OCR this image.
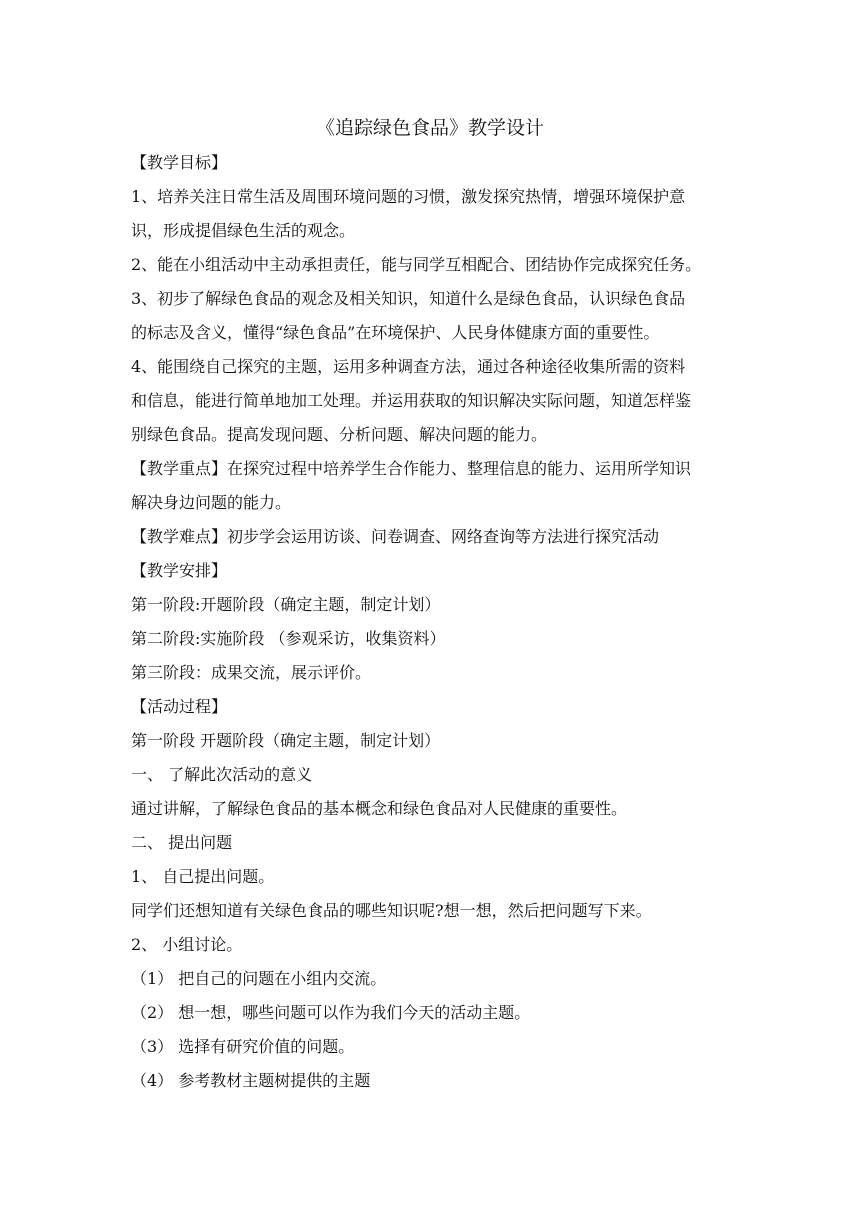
《追踪绿色食品》教学设计
【教学目标】
1、培养关注日常生活及周围环境问题的习惯，激发探究热情，增强环境保护意
识，形成提倡绿色生活的观念。
2、能在小组活动中主动承担责任，能与同学互相配合、团结协作完成探究任务。
3、初步了解绿色食品的观念及相关知识，知道什么是绿色食品，认识绿色食品
的标志及含义，懂得“绿色食品”在环境保护、人民身体健康方面的重要性。
4、能围绕自己探究的主题，运用多种调查方法，通过各种途径收集所需的资料
和信息，能进行简单地加工处理。并运用获取的知识解决实际问题，知道怎样鉴
别绿色食品。提高发现问题、分析问题、解决问题的能力。
【教学重点】在探究过程中培养学生合作能力、整理信息的能力、运用所学知识
解决身边问题的能力。
【教学难点】初步学会运用访谈、问卷调查、网络查询等方法进行探究活动
【教学安排】
第一阶段:开题阶段（确定主题，制定计划）
第二阶段:实施阶段 （参观采访，收集资料）
第三阶段：成果交流，展示评价。
【活动过程】
第一阶段 开题阶段（确定主题，制定计划）
一、 了解此次活动的意义
通过讲解，了解绿色食品的基本概念和绿色食品对人民健康的重要性。
二、 提出问题
1、 自己提出问题。
同学们还想知道有关绿色食品的哪些知识呢?想一想，然后把问题写下来。
2、 小组讨论。
（1） 把自己的问题在小组内交流。
（2） 想一想，哪些问题可以作为我们今天的活动主题。
（3） 选择有研究价值的问题。
（4） 参考教材主题树提供的主题
